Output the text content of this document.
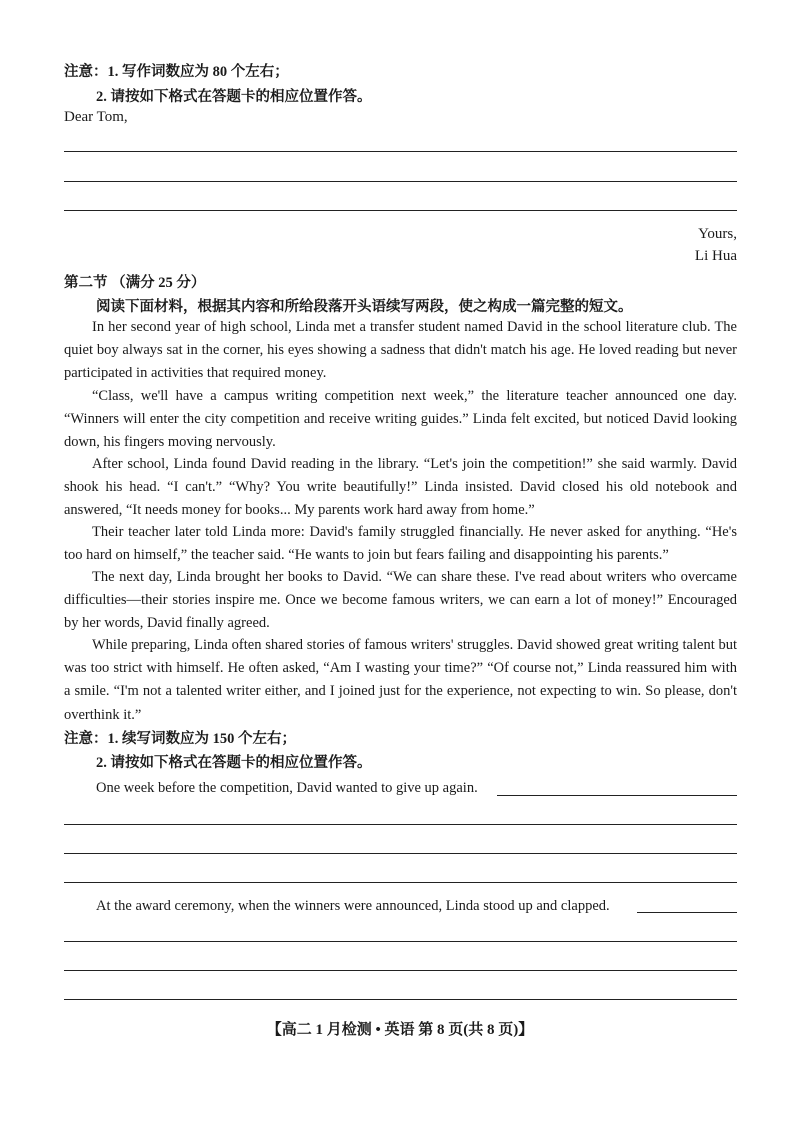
注意：1. 写作词数应为 80 个左右；
2. 请按如下格式在答题卡的相应位置作答。
Dear Tom,
Yours,
Li Hua
第二节 （满分 25 分）
阅读下面材料，根据其内容和所给段落开头语续写两段，使之构成一篇完整的短文。

In her second year of high school, Linda met a transfer student named David in the school literature club. The quiet boy always sat in the corner, his eyes showing a sadness that didn't match his age. He loved reading but never participated in activities that required money.

“Class, we'll have a campus writing competition next week,” the literature teacher announced one day. “Winners will enter the city competition and receive writing guides.” Linda felt excited, but noticed David looking down, his fingers moving nervously.

After school, Linda found David reading in the library. “Let's join the competition!” she said warmly. David shook his head. “I can't.” “Why? You write beautifully!” Linda insisted. David closed his old notebook and answered, “It needs money for books... My parents work hard away from home.”

Their teacher later told Linda more: David's family struggled financially. He never asked for anything. “He's too hard on himself,” the teacher said. “He wants to join but fears failing and disappointing his parents.”

The next day, Linda brought her books to David. “We can share these. I've read about writers who overcame difficulties—their stories inspire me. Once we become famous writers, we can earn a lot of money!” Encouraged by her words, David finally agreed.

While preparing, Linda often shared stories of famous writers' struggles. David showed great writing talent but was too strict with himself. He often asked, “Am I wasting your time?” “Of course not,” Linda reassured him with a smile. “I'm not a talented writer either, and I joined just for the experience, not expecting to win. So please, don't overthink it.”

注意：1. 续写词数应为 150 个左右；
2. 请按如下格式在答题卡的相应位置作答。
One week before the competition, David wanted to give up again.
At the award ceremony, when the winners were announced, Linda stood up and clapped.
【高二 1 月检测 • 英语 第 8 页(共 8 页)】
